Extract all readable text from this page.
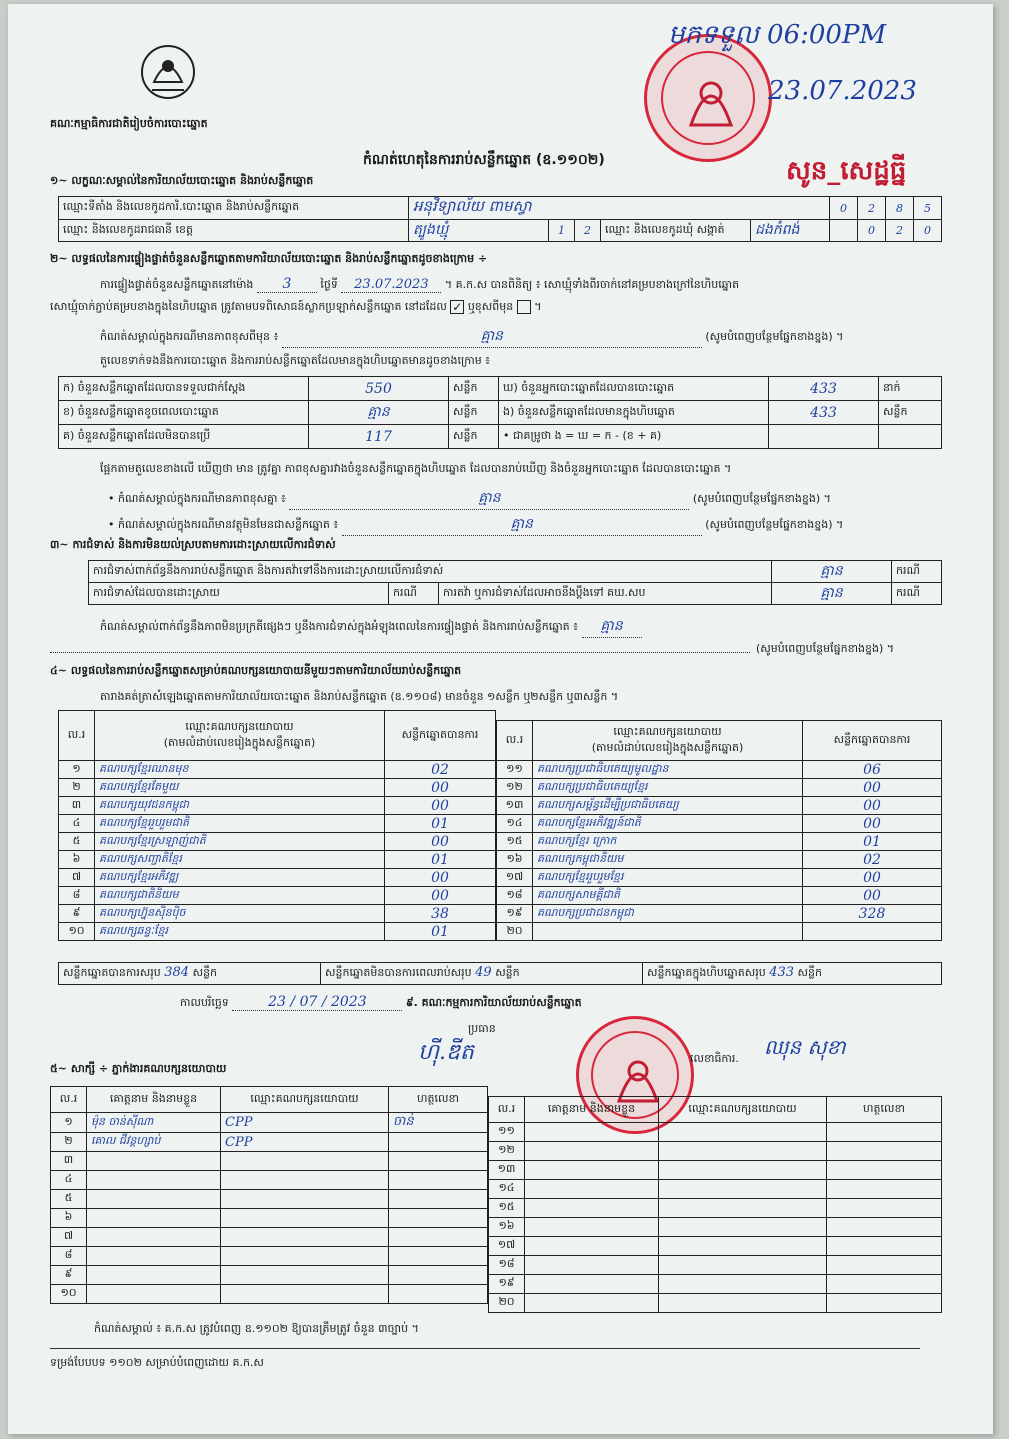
គណៈកម្មាធិការជាតិរៀបចំការបោះឆ្នោត
មកទទួល 06:00PM
23.07.2023
សូន_សេដ្ឋធ្នី
កំណត់ហេតុនៃការរាប់សន្លឹកឆ្នោត (ឧ.១១០២)
១~ លក្ខណៈសម្គាល់នៃការិយាល័យបោះឆ្នោត និងរាប់សន្លឹកឆ្នោត
ឈ្មោះទីតាំង និងលេខកូដការិ.បោះឆ្នោត និងរាប់សន្លឹកឆ្នោត	អនុវិទ្យាល័យ ពាមស្វា					0	2	8	5
ឈ្មោះ និងលេខកូដរាជធានី ខេត្ត	ត្បូងឃ្មុំ	1	2	ឈ្មោះ និងលេខកូដឃុំ សង្កាត់	ដងកំពង់		0	2	0
២~ លទ្ធផលនៃការផ្ទៀងផ្ទាត់ចំនួនសន្លឹកឆ្នោតតាមការិយាល័យបោះឆ្នោត និងរាប់សន្លឹកឆ្នោតដូចខាងក្រោម ÷
ការផ្ទៀងផ្ទាត់ចំនួនសន្លឹកឆ្នោតនៅម៉ោង 3	ថ្ងៃទី 23.07.2023 ។ គ.ក.ស បានពិនិត្យ ៖ សោឃ្មុំទាំងពីរចាក់នៅគម្របខាងក្រៅនៃហិបឆ្នោត
សោឃ្មុំចាក់ភ្ជាប់គម្របខាងក្នុងនៃហិបឆ្នោត ត្រូវតាមបទពិសោធន៍ស្លាកប្រឡាក់សន្លឹកឆ្នោត នៅដដែល ✓ ឬខុសពីមុន  ។
កំណត់សម្គាល់ក្នុងករណីមានភាពខុសពីមុន ៖	គ្មាន	(សូមបំពេញបន្ថែមផ្នែកខាងខ្នង) ។
តួលេខទាក់ទងនឹងការបោះឆ្នោត និងការរាប់សន្លឹកឆ្នោតដែលមានក្នុងហិបឆ្នោតមានដូចខាងក្រោម ៖
ក) ចំនួនសន្លឹកឆ្នោតដែលបានទទួលជាក់ស្តែង	550	សន្លឹក	ឃ) ចំនួនអ្នកបោះឆ្នោតដែលបានបោះឆ្នោត	433	នាក់
ខ) ចំនួនសន្លឹកឆ្នោតខូចពេលបោះឆ្នោត	គ្មាន	សន្លឹក	ង) ចំនួនសន្លឹកឆ្នោតដែលមានក្នុងហិបឆ្នោត	433	សន្លឹក
គ) ចំនួនសន្លឹកឆ្នោតដែលមិនបានប្រើ	117	សន្លឹក	• ជាគម្រូថា ង = ឃ = ក - (ខ + គ)		
ផ្អែកតាមតួលេខខាងលើ ឃើញថា មាន ត្រូវគ្នា ភាពខុសគ្នារវាងចំនួនសន្លឹកឆ្នោតក្នុងហិបឆ្នោត ដែលបានរាប់ឃើញ និងចំនួនអ្នកបោះឆ្នោត ដែលបានបោះឆ្នោត ។
• កំណត់សម្គាល់ក្នុងករណីមានភាពខុសគ្នា ៖	គ្មាន	(សូមបំពេញបន្ថែមផ្នែកខាងខ្នង) ។
• កំណត់សម្គាល់ក្នុងករណីមានវត្ថុមិនមែនជាសន្លឹកឆ្នោត ៖	គ្មាន	(សូមបំពេញបន្ថែមផ្នែកខាងខ្នង) ។
៣~ ការជំទាស់ និងការមិនយល់ស្របតាមការដោះស្រាយលើការជំទាស់
ការជំទាស់ពាក់ព័ន្ធនឹងការរាប់សន្លឹកឆ្នោត និងការតវ៉ាទៅនឹងការដោះស្រាយលើការជំទាស់			គ្មាន	ករណី
ការជំទាស់ដែលបានដោះស្រាយ	ករណី	ការតវ៉ា ឬការជំទាស់ដែលអាចនឹងប្តឹងទៅ គឃ.សប	គ្មាន	ករណី
កំណត់សម្គាល់ពាក់ព័ន្ធនឹងភាពមិនប្រក្រតីផ្សេងៗ ឬនឹងការជំទាស់ក្នុងអំឡុងពេលនៃការផ្ទៀងផ្ទាត់ និងការរាប់សន្លឹកឆ្នោត ៖ គ្មាន
(សូមបំពេញបន្ថែមផ្នែកខាងខ្នង) ។
៤~ លទ្ធផលនៃការរាប់សន្លឹកឆ្នោតសម្រាប់គណបក្សនយោបាយនីមួយៗតាមការិយាល័យរាប់សន្លឹកឆ្នោត
តារាងគត់ត្រាសំឡេងឆ្នោតតាមការិយាល័យបោះឆ្នោត និងរាប់សន្លឹកឆ្នោត (ឧ.១១០៨) មានចំនួន ១សន្លឹក ឬ២សន្លឹក ឬ៣សន្លឹក ។
ល.រ	ឈ្មោះគណបក្សនយោបាយ
(តាមលំដាប់លេខរៀងក្នុងសន្លឹកឆ្នោត)	សន្លឹកឆ្នោតបានការ
១	គណបក្សខ្មែរឈានមុខ	02
២	គណបក្សខ្មែរតែមួយ	00
៣	គណបក្សយុវជនកម្ពុជា	00
៤	គណបក្សខ្មែររួបរួមជាតិ	01
៥	គណបក្សខ្មែរស្រឡាញ់ជាតិ	00
៦	គណបក្សសញ្ជាតិខ្មែរ	01
៧	គណបក្សខ្មែរអភិវឌ្ឍ	00
៨	គណបក្សជាតិនិយម	00
៩	គណបក្សហ្វ៊ុនស៊ិនប៉ិច	38
១០	គណបក្សឆន្ទៈខ្មែរ	01
ល.រ	ឈ្មោះគណបក្សនយោបាយ
(តាមលំដាប់លេខរៀងក្នុងសន្លឹកឆ្នោត)	សន្លឹកឆ្នោតបានការ
១១	គណបក្សប្រជាធិបតេយ្យមូលដ្ឋាន	06
១២	គណបក្សប្រជាធិបតេយ្យខ្មែរ	00
១៣	គណបក្សសម្ព័ន្ធដើម្បីប្រជាធិបតេយ្យ	00
១៤	គណបក្សខ្មែរអភិវឌ្ឍន៍ជាតិ	00
១៥	គណបក្សខ្មែរ ក្រោក	01
១៦	គណបក្សកម្ពុជានិយម	02
១៧	គណបក្សខ្មែររួបរួមខ្មែរ	00
១៨	គណបក្សសាមគ្គីជាតិ	00
១៩	គណបក្សប្រជាជនកម្ពុជា	328
២០		
សន្លឹកឆ្នោតបានការសរុប 384 សន្លឹក	សន្លឹកឆ្នោតមិនបានការពេលរាប់សរុប 49 សន្លឹក	សន្លឹកឆ្នោតក្នុងហិបឆ្នោតសរុប 433 សន្លឹក
កាលបរិច្ឆេទ	23 / 07 / 2023	៩. គណៈកម្មការការិយាល័យរាប់សន្លឹកឆ្នោត
ប្រធាន
ហ៊ី.ឌីត	លេខាធិការ. ឈុន សុខា
៥~ សាក្សី ÷ ភ្នាក់ងារគណបក្សនយោបាយ
ល.រ	គោត្តនាម និងនាមខ្លួន	ឈ្មោះគណបក្សនយោបាយ	ហត្ថលេខា
១	ម៉ុន ចាន់ស៊ីណា	CPP	ចាន់
២	គោល ជីវន្តហ្សាប់	CPP	
៣			
៤			
៥			
៦			
៧			
៨			
៩			
១០			
ល.រ	គោត្តនាម និងនាមខ្លួន	ឈ្មោះគណបក្សនយោបាយ	ហត្ថលេខា
១១			
១២			
១៣			
១៤			
១៥			
១៦			
១៧			
១៨			
១៩			
២០			
កំណត់សម្គាល់ ៖ គ.ក.ស ត្រូវបំពេញ ឧ.១១០២ ឱ្យបានត្រឹមត្រូវ ចំនួន ៣ច្បាប់ ។
ទម្រង់បែបបទ ១១០២ សម្រាប់បំពេញដោយ គ.ក.ស
